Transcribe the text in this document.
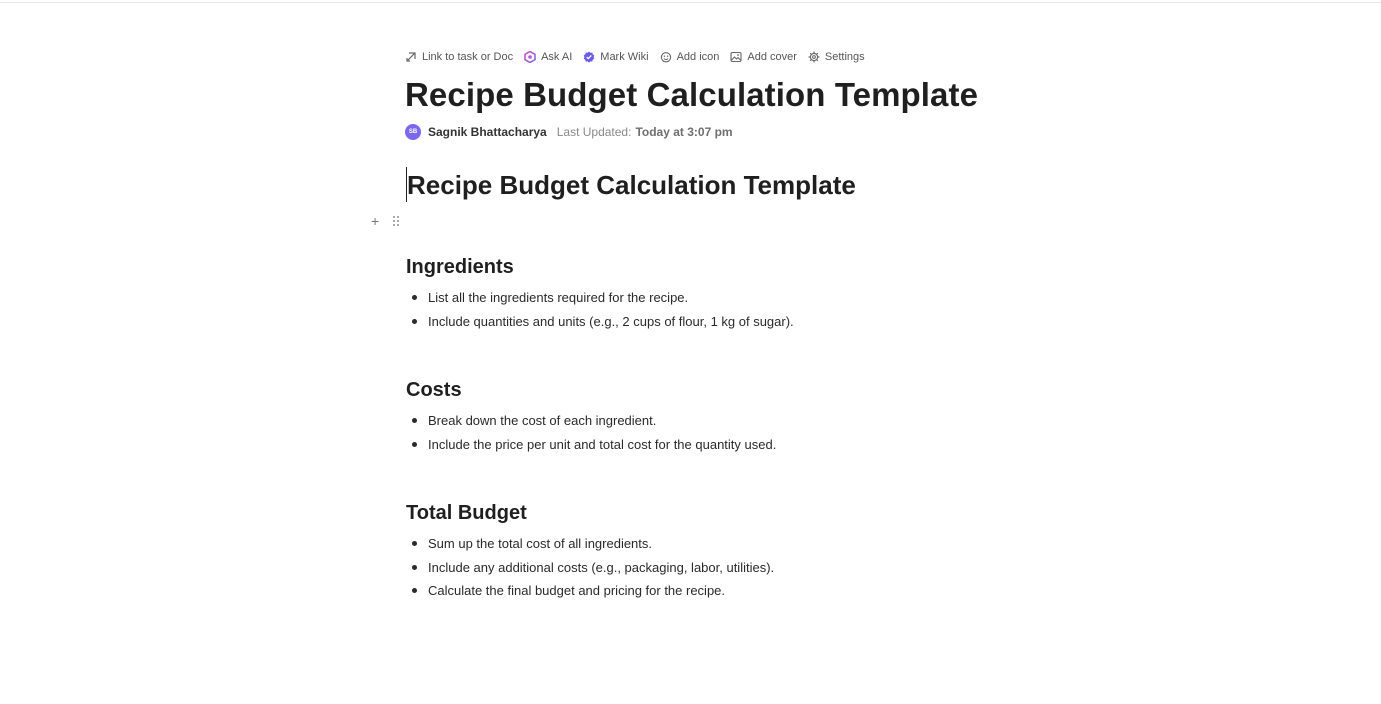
Link to task or Doc	Ask AI	Mark Wiki	Add icon	Add cover	Settings
Recipe Budget Calculation Template
SB Sagnik Bhattacharya Last Updated: Today at 3:07 pm
Recipe Budget Calculation Template
+
Ingredients
List all the ingredients required for the recipe.
Include quantities and units (e.g., 2 cups of flour, 1 kg of sugar).
Costs
Break down the cost of each ingredient.
Include the price per unit and total cost for the quantity used.
Total Budget
Sum up the total cost of all ingredients.
Include any additional costs (e.g., packaging, labor, utilities).
Calculate the final budget and pricing for the recipe.
